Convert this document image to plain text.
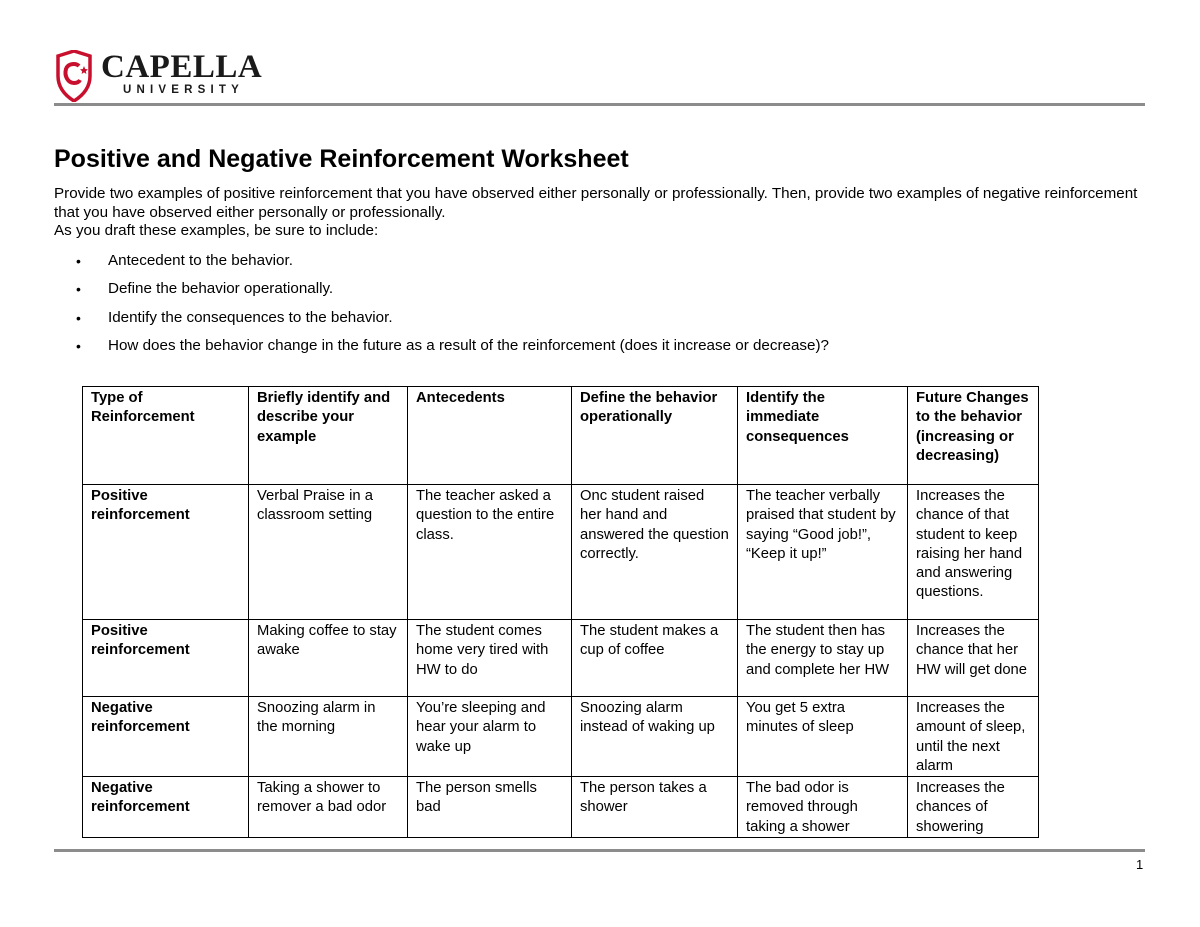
CAPELLA
UNIVERSITY
Positive and Negative Reinforcement Worksheet

Provide two examples of positive reinforcement that you have observed either personally or professionally. Then, provide two examples of negative reinforcement that you have observed either personally or professionally.

As you draft these examples, be sure to include:

•	Antecedent to the behavior.
•	Define the behavior operationally.
•	Identify the consequences to the behavior.
•	How does the behavior change in the future as a result of the reinforcement (does it increase or decrease)?
Type of Reinforcement	Briefly identify and describe your example	Antecedents	Define the behavior operationally	Identify the immediate consequences	Future Changes to the behavior (increasing or decreasing)
Positive reinforcement	Verbal Praise in a classroom setting	The teacher asked a question to the entire class.	Onc student raised her hand and answered the question correctly.	The teacher verbally praised that student by saying “Good job!”, “Keep it up!”	Increases the chance of that student to keep raising her hand and answering questions.
Positive reinforcement	Making coffee to stay awake	The student comes home very tired with HW to do	The student makes a cup of coffee	The student then has the energy to stay up and complete her HW	Increases the chance that her HW will get done
Negative reinforcement	Snoozing alarm in the morning	You’re sleeping and hear your alarm to wake up	Snoozing alarm instead of waking up	You get 5 extra minutes of sleep	Increases the amount of sleep, until the next alarm
Negative reinforcement	Taking a shower to remover a bad odor	The person smells bad	The person takes a shower	The bad odor is removed through taking a shower	Increases the chances of showering
1
